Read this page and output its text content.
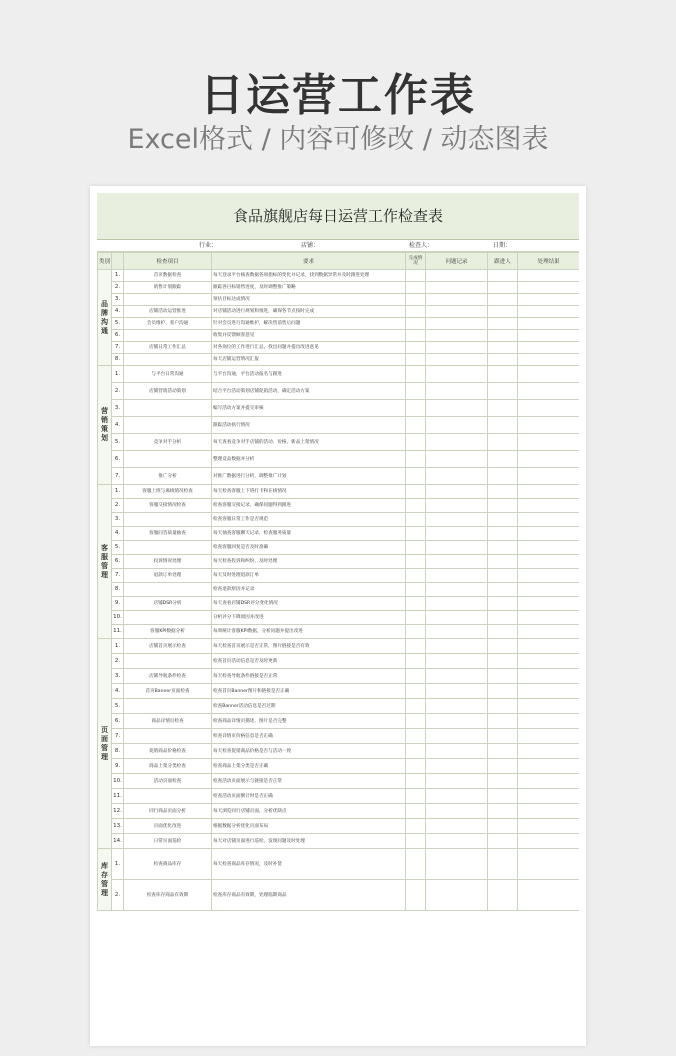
日运营工作表
Excel格式 / 内容可修改 / 动态图表
食品旗舰店每日运营工作检查表
行业：	店铺：	检查人：	日期：
类别		检查项目	要求	完成情况	问题记录	跟进人	处理结果
品牌沟通	1.	首页数据检查	每天登录平台核查数据各项指标的变化并记录，找到数据异常并及时跟进处理				
	2.	销售计划跟踪	跟踪各目标销售进度，及时调整推广策略				
	3.		预估目标达成情况				
	4.	店铺活动运营推进	对店铺活动进行规划和推进，确保各节点按时完成				
	5.	会员维护、客户沟通	针对会员进行沟通维护，解决售前售后问题				
	6.		收集并反馈顾客意见				
	7.	店铺日常工作汇总	对各岗位的工作进行汇总，找出问题并提出改进意见				
	8.		每天店铺运营情况汇报				
营销策划	1.	与平台日常沟通	与平台沟通，平台活动报名与跟进				
	2.	店铺营销活动策划	结合平台活动策划店铺促销活动，确定活动方案				
	3.		编写活动方案并提交审核				
	4.		跟踪活动执行情况				
	5.	竞争对手分析	每天查看竞争对手店铺的活动、价格、新品上架情况				
	6.		整理竞品数据并分析				
	7.	推广分析	对推广数据进行分析，调整推广计划				
客服管理	1.	客服上班与离线情况检查	每天检查客服上下班打卡和在线情况				
	2.	客服交接情况检查	检查客服交接记录，确保问题得到跟进				
	3.		检查客服日常工作是否规范				
	4.	客服问答质量抽查	每天抽查客服聊天记录，检查服务质量				
	5.		检查客服回复是否及时准确				
	6.	投诉情况处理	每天检查投诉和纠纷，及时处理				
	7.	退款订单处理	每天及时处理退款订单				
	8.		检查退款原因并记录				
	9.	店铺DSR分析	每天查看店铺DSR评分变化情况				
	10.		分析评分下降原因并改进				
	11.	客服KPI数据分析	每周统计客服KPI数据，分析问题并提出改进				
页面管理	1.	店铺首页展示检查	每天检查首页展示是否正常，图片链接是否有效				
	2.		检查首页活动信息是否及时更新				
	3.	店铺导航条件检查	每天检查导航条件链接是否正常				
	4.	首页Banner页面检查	检查首页Banner图片和链接是否正确				
	5.		检查Banner活动信息是否过期				
	6.	商品详情页检查	检查商品详情页描述、图片是否完整				
	7.		检查详情页价格信息是否正确				
	8.	促销商品价格检查	每天检查促销商品价格是否与活动一致				
	9.	商品上架分类检查	检查商品上架分类是否正确				
	10.	活动页面检查	检查活动页面展示与链接是否正常				
	11.		检查活动页面倒计时是否正确				
	12.	同行商品页面分析	每天浏览同行店铺页面，分析优缺点				
	13.	页面优化改进	根据数据分析优化页面布局				
	14.	日常页面巡检	每天对店铺页面进行巡检，发现问题及时处理				
库存管理	1.	检查商品库存	每天检查商品库存情况，及时补货				
	2.	检查库存商品有效期	检查库存商品有效期，处理临期商品				
